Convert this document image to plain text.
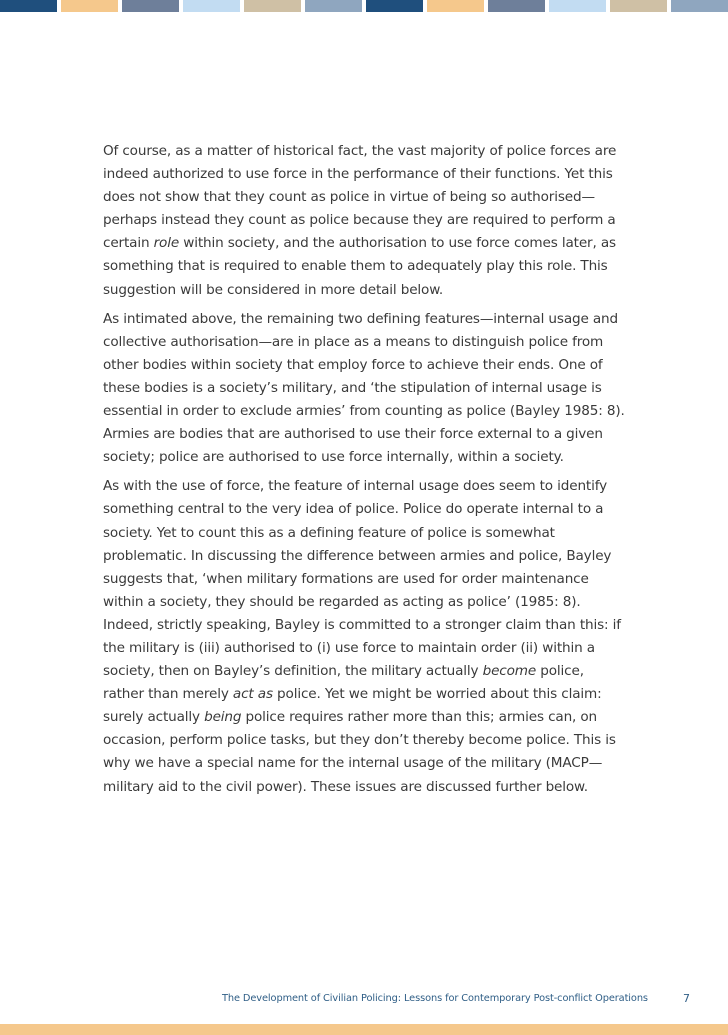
Of course, as a matter of historical fact, the vast majority of police forces are indeed authorized to use force in the performance of their functions. Yet this does not show that they count as police in virtue of being so authorised—perhaps instead they count as police because they are required to perform a certain role within society, and the authorisation to use force comes later, as something that is required to enable them to adequately play this role. This suggestion will be considered in more detail below.

As intimated above, the remaining two defining features—internal usage and collective authorisation—are in place as a means to distinguish police from other bodies within society that employ force to achieve their ends. One of these bodies is a society’s military, and ‘the stipulation of internal usage is essential in order to exclude armies’ from counting as police (Bayley 1985: 8). Armies are bodies that are authorised to use their force external to a given society; police are authorised to use force internally, within a society.

As with the use of force, the feature of internal usage does seem to identify something central to the very idea of police. Police do operate internal to a society. Yet to count this as a defining feature of police is somewhat problematic. In discussing the difference between armies and police, Bayley suggests that, ‘when military formations are used for order maintenance within a society, they should be regarded as acting as police’ (1985: 8). Indeed, strictly speaking, Bayley is committed to a stronger claim than this: if the military is (iii) authorised to (i) use force to maintain order (ii) within a society, then on Bayley’s definition, the military actually become police, rather than merely act as police. Yet we might be worried about this claim: surely actually being police requires rather more than this; armies can, on occasion, perform police tasks, but they don’t thereby become police. This is why we have a special name for the internal usage of the military (MACP—military aid to the civil power). These issues are discussed further below.

The Development of Civilian Policing: Lessons for Contemporary Post-conflict Operations	7
